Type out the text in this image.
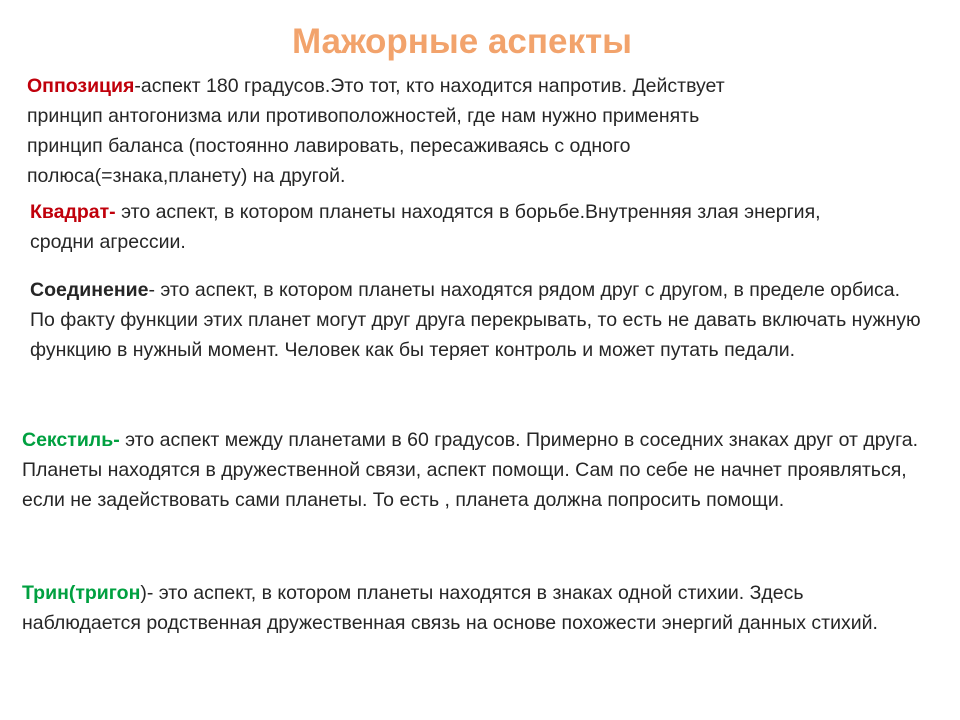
Мажорные аспекты
Оппозиция-аспект 180 градусов.Это тот, кто находится напротив. Действует принцип антогонизма или противоположностей, где нам нужно применять принцип баланса (постоянно лавировать, пересаживаясь с одного полюса(=знака,планету) на другой.
Квадрат- это аспект, в котором планеты находятся в борьбе.Внутренняя злая энергия, сродни агрессии.
Соединение- это аспект, в котором планеты находятся рядом друг с другом, в пределе орбиса. По факту функции этих планет могут друг друга перекрывать, то есть не давать включать нужную функцию в нужный момент. Человек как бы теряет контроль и может путать педали.
Секстиль- это аспект между планетами в 60 градусов. Примерно в соседних знаках друг от друга. Планеты находятся в дружественной связи, аспект помощи. Сам по себе не начнет проявляться, если не задействовать сами планеты. То есть , планета должна попросить помощи.
Трин(тригон)- это аспект, в котором планеты находятся в знаках одной стихии. Здесь наблюдается родственная дружественная связь на основе похожести энергий данных стихий.
